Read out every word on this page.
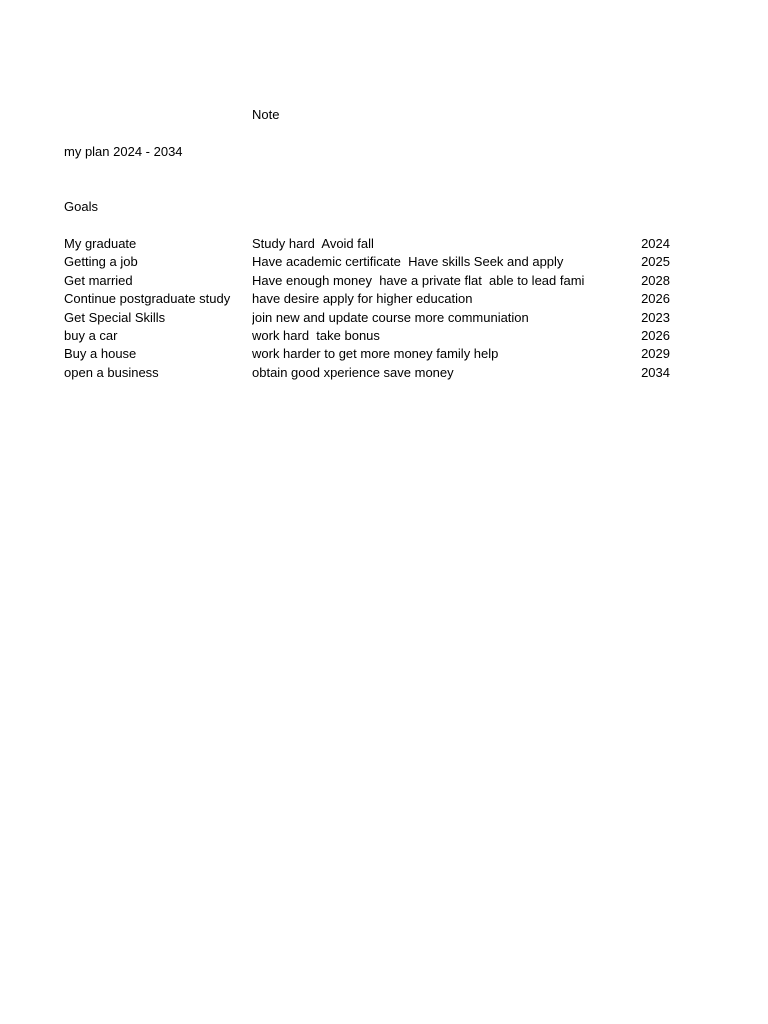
Note
my plan 2024 - 2034
Goals
My graduate	Study hard  Avoid fall	2024
Getting a job	Have academic certificate  Have skills Seek and apply	2025
Get married	Have enough money  have a private flat  able to lead fami	2028
Continue postgraduate study	have desire apply for higher education	2026
Get Special Skills	join new and update course more communiation	2023
buy a car	work hard  take bonus	2026
Buy a house	work harder to get more money family help	2029
open a business	obtain good xperience save money	2034
